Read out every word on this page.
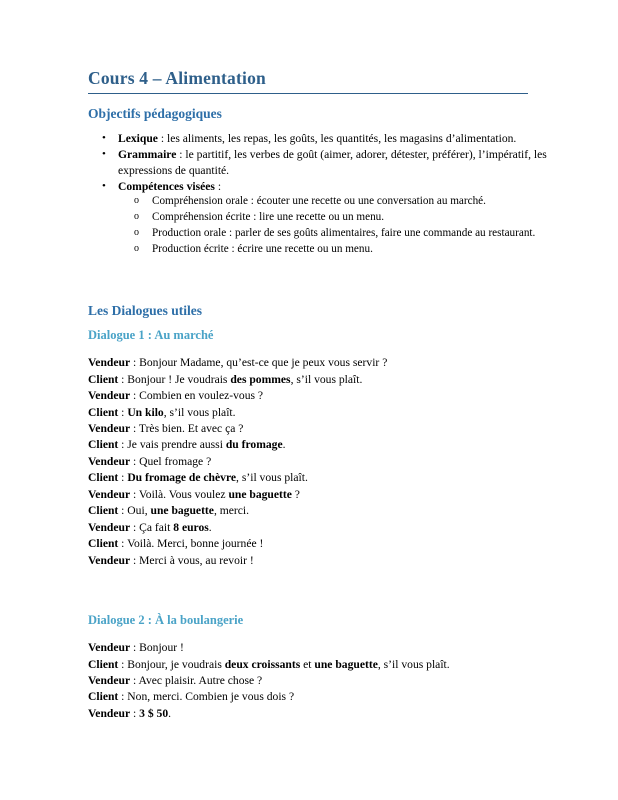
Cours 4 – Alimentation
Objectifs pédagogiques
• Lexique : les aliments, les repas, les goûts, les quantités, les magasins d’alimentation.
• Grammaire : le partitif, les verbes de goût (aimer, adorer, détester, préférer), l’impératif, les expressions de quantité.
• Compétences visées :
o Compréhension orale : écouter une recette ou une conversation au marché.
o Compréhension écrite : lire une recette ou un menu.
o Production orale : parler de ses goûts alimentaires, faire une commande au restaurant.
o Production écrite : écrire une recette ou un menu.
Les Dialogues utiles
Dialogue 1 : Au marché
Vendeur : Bonjour Madame, qu’est-ce que je peux vous servir ?
Client : Bonjour ! Je voudrais des pommes, s’il vous plaît.
Vendeur : Combien en voulez-vous ?
Client : Un kilo, s’il vous plaît.
Vendeur : Très bien. Et avec ça ?
Client : Je vais prendre aussi du fromage.
Vendeur : Quel fromage ?
Client : Du fromage de chèvre, s’il vous plaît.
Vendeur : Voilà. Vous voulez une baguette ?
Client : Oui, une baguette, merci.
Vendeur : Ça fait 8 euros.
Client : Voilà. Merci, bonne journée !
Vendeur : Merci à vous, au revoir !
Dialogue 2 : À la boulangerie
Vendeur : Bonjour !
Client : Bonjour, je voudrais deux croissants et une baguette, s’il vous plaît.
Vendeur : Avec plaisir. Autre chose ?
Client : Non, merci. Combien je vous dois ?
Vendeur : 3 $ 50.
